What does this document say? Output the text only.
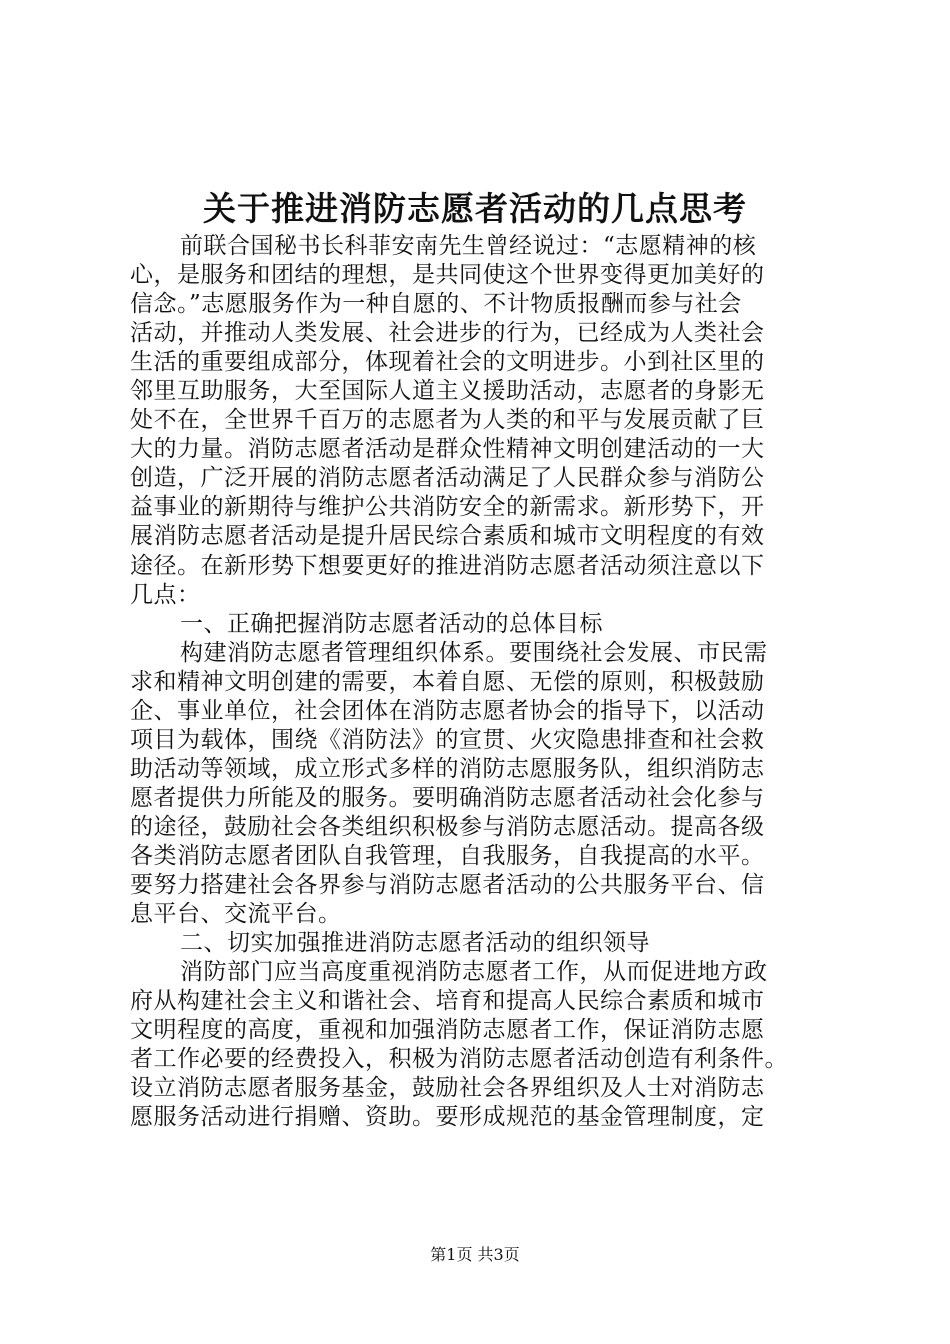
关于推进消防志愿者活动的几点思考
前联合国秘书长科菲安南先生曾经说过：“志愿精神的核
心，是服务和团结的理想，是共同使这个世界变得更加美好的
信念。”志愿服务作为一种自愿的、不计物质报酬而参与社会
活动，并推动人类发展、社会进步的行为，已经成为人类社会
生活的重要组成部分，体现着社会的文明进步。小到社区里的
邻里互助服务，大至国际人道主义援助活动，志愿者的身影无
处不在，全世界千百万的志愿者为人类的和平与发展贡献了巨
大的力量。消防志愿者活动是群众性精神文明创建活动的一大
创造，广泛开展的消防志愿者活动满足了人民群众参与消防公
益事业的新期待与维护公共消防安全的新需求。新形势下，开
展消防志愿者活动是提升居民综合素质和城市文明程度的有效
途径。在新形势下想要更好的推进消防志愿者活动须注意以下
几点：
一、正确把握消防志愿者活动的总体目标
构建消防志愿者管理组织体系。要围绕社会发展、市民需
求和精神文明创建的需要，本着自愿、无偿的原则，积极鼓励
企、事业单位，社会团体在消防志愿者协会的指导下，以活动
项目为载体，围绕《消防法》的宣贯、火灾隐患排查和社会救
助活动等领域，成立形式多样的消防志愿服务队，组织消防志
愿者提供力所能及的服务。要明确消防志愿者活动社会化参与
的途径，鼓励社会各类组织积极参与消防志愿活动。提高各级
各类消防志愿者团队自我管理，自我服务，自我提高的水平。
要努力搭建社会各界参与消防志愿者活动的公共服务平台、信
息平台、交流平台。
二、切实加强推进消防志愿者活动的组织领导
消防部门应当高度重视消防志愿者工作，从而促进地方政
府从构建社会主义和谐社会、培育和提高人民综合素质和城市
文明程度的高度，重视和加强消防志愿者工作，保证消防志愿
者工作必要的经费投入，积极为消防志愿者活动创造有利条件。
设立消防志愿者服务基金，鼓励社会各界组织及人士对消防志
愿服务活动进行捐赠、资助。要形成规范的基金管理制度，定
第1页 共3页
